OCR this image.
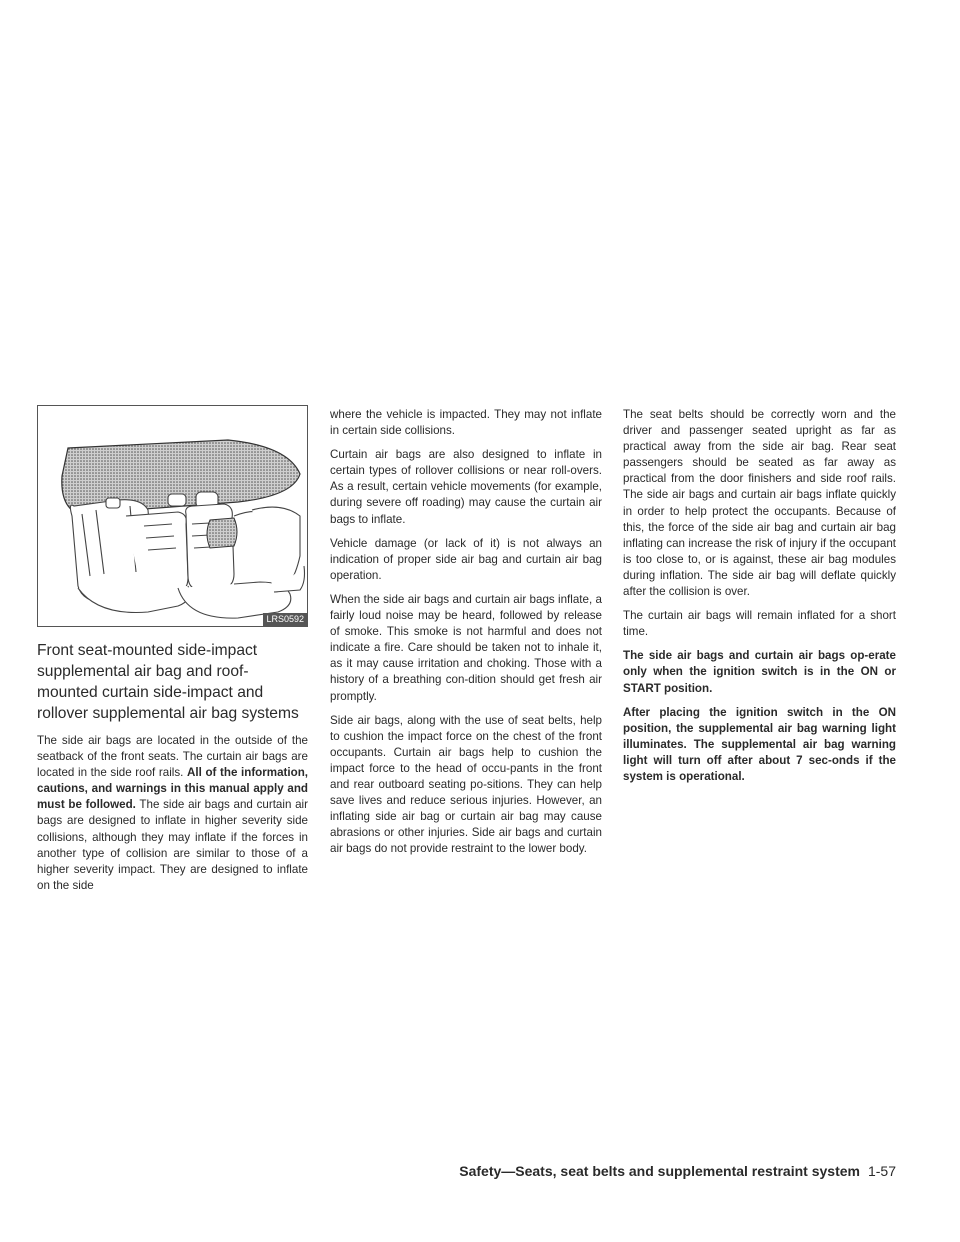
LRS0592
Front seat-mounted side-impact supplemental air bag and roof-mounted curtain side-impact and rollover supplemental air bag systems

The side air bags are located in the outside of the seatback of the front seats. The curtain air bags are located in the side roof rails. All of the information, cautions, and warnings in this manual apply and must be followed. The side air bags and curtain air bags are designed to inflate in higher severity side collisions, although they may inflate if the forces in another type of collision are similar to those of a higher severity impact. They are designed to inflate on the side

where the vehicle is impacted. They may not inflate in certain side collisions.

Curtain air bags are also designed to inflate in certain types of rollover collisions or near roll-overs. As a result, certain vehicle movements (for example, during severe off roading) may cause the curtain air bags to inflate.

Vehicle damage (or lack of it) is not always an indication of proper side air bag and curtain air bag operation.

When the side air bags and curtain air bags inflate, a fairly loud noise may be heard, followed by release of smoke. This smoke is not harmful and does not indicate a fire. Care should be taken not to inhale it, as it may cause irritation and choking. Those with a history of a breathing con-dition should get fresh air promptly.

Side air bags, along with the use of seat belts, help to cushion the impact force on the chest of the front occupants. Curtain air bags help to cushion the impact force to the head of occu-pants in the front and rear outboard seating po-sitions. They can help save lives and reduce serious injuries. However, an inflating side air bag or curtain air bag may cause abrasions or other injuries. Side air bags and curtain air bags do not provide restraint to the lower body.

The seat belts should be correctly worn and the driver and passenger seated upright as far as practical away from the side air bag. Rear seat passengers should be seated as far away as practical from the door finishers and side roof rails. The side air bags and curtain air bags inflate quickly in order to help protect the occupants. Because of this, the force of the side air bag and curtain air bag inflating can increase the risk of injury if the occupant is too close to, or is against, these air bag modules during inflation. The side air bag will deflate quickly after the collision is over.

The curtain air bags will remain inflated for a short time.

The side air bags and curtain air bags op-erate only when the ignition switch is in the ON or START position.

After placing the ignition switch in the ON position, the supplemental air bag warning light illuminates. The supplemental air bag warning light will turn off after about 7 sec-onds if the system is operational.

Safety—Seats, seat belts and supplemental restraint system 1-57
